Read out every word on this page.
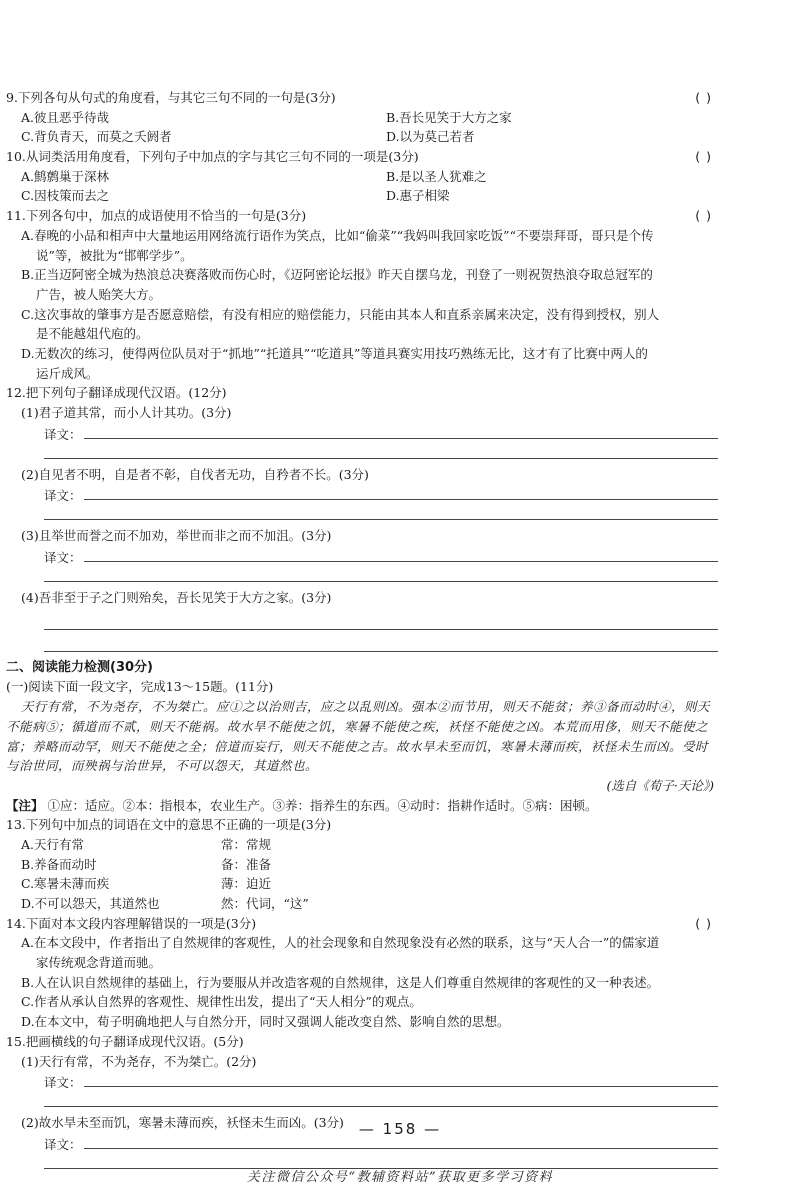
9.下列各句从句式的角度看，与其它三句不同的一句是(3分)	( )
A.彼且恶乎待哉	B.吾长见笑于大方之家
C.背负青天，而莫之夭阏者	D.以为莫己若者
10.从词类活用角度看，下列句子中加点的字与其它三句不同的一项是(3分)	( )
A.鹪鹩巢于深林	B.是以圣人犹难之
C.因枝策而去之	D.惠子相梁
11.下列各句中，加点的成语使用不恰当的一句是(3分)	( )
A.春晚的小品和相声中大量地运用网络流行语作为笑点，比如“偷菜”“我妈叫我回家吃饭”“不要崇拜哥，哥只是个传
说”等，被批为“邯郸学步”。
B.正当迈阿密全城为热浪总决赛落败而伤心时，《迈阿密论坛报》昨天自摆乌龙，刊登了一则祝贺热浪夺取总冠军的
广告，被人贻笑大方。
C.这次事故的肇事方是否愿意赔偿，有没有相应的赔偿能力，只能由其本人和直系亲属来决定，没有得到授权，别人
是不能越俎代庖的。
D.无数次的练习，使得两位队员对于“抓地”“托道具”“吃道具”等道具赛实用技巧熟练无比，这才有了比赛中两人的
运斤成风。
12.把下列句子翻译成现代汉语。(12分)
(1)君子道其常，而小人计其功。(3分)
译文：
(2)自见者不明，自是者不彰，自伐者无功，自矜者不长。(3分)
译文：
(3)且举世而誉之而不加劝，举世而非之而不加沮。(3分)
译文：
(4)吾非至于子之门则殆矣，吾长见笑于大方之家。(3分)
二、阅读能力检测(30分)
(一)阅读下面一段文字，完成13～15题。(11分)
天行有常，不为尧存，不为桀亡。应①之以治则吉，应之以乱则凶。强本②而节用，则天不能贫；养③备而动时④，则天
不能病⑤；循道而不贰，则天不能祸。故水旱不能使之饥，寒暑不能使之疾，袄怪不能使之凶。本荒而用侈，则天不能使之
富；养略而动罕，则天不能使之全；倍道而妄行，则天不能使之吉。故水旱未至而饥，寒暑未薄而疾，袄怪未生而凶。受时
与治世同，而殃祸与治世异，不可以怨天，其道然也。
(选自《荀子·天论》)
【注】 ①应：适应。②本：指根本，农业生产。③养：指养生的东西。④动时：指耕作适时。⑤病：困顿。
13.下列句中加点的词语在文中的意思不正确的一项是(3分)
A.天行有常	常：常规
B.养备而动时	备：准备
C.寒暑未薄而疾	薄：迫近
D.不可以怨天，其道然也	然：代词，“这”
14.下面对本文段内容理解错误的一项是(3分)	( )
A.在本文段中，作者指出了自然规律的客观性，人的社会现象和自然现象没有必然的联系，这与“天人合一”的儒家道
家传统观念背道而驰。
B.人在认识自然规律的基础上，行为要服从并改造客观的自然规律，这是人们尊重自然规律的客观性的又一种表述。
C.作者从承认自然界的客观性、规律性出发，提出了“天人相分”的观点。
D.在本文中，荀子明确地把人与自然分开，同时又强调人能改变自然、影响自然的思想。
15.把画横线的句子翻译成现代汉语。(5分)
(1)天行有常，不为尧存，不为桀亡。(2分)
译文：
(2)故水旱未至而饥，寒暑未薄而疾，袄怪未生而凶。(3分)
译文：
— 158 —
关注微信公众号“教辅资料站”获取更多学习资料
